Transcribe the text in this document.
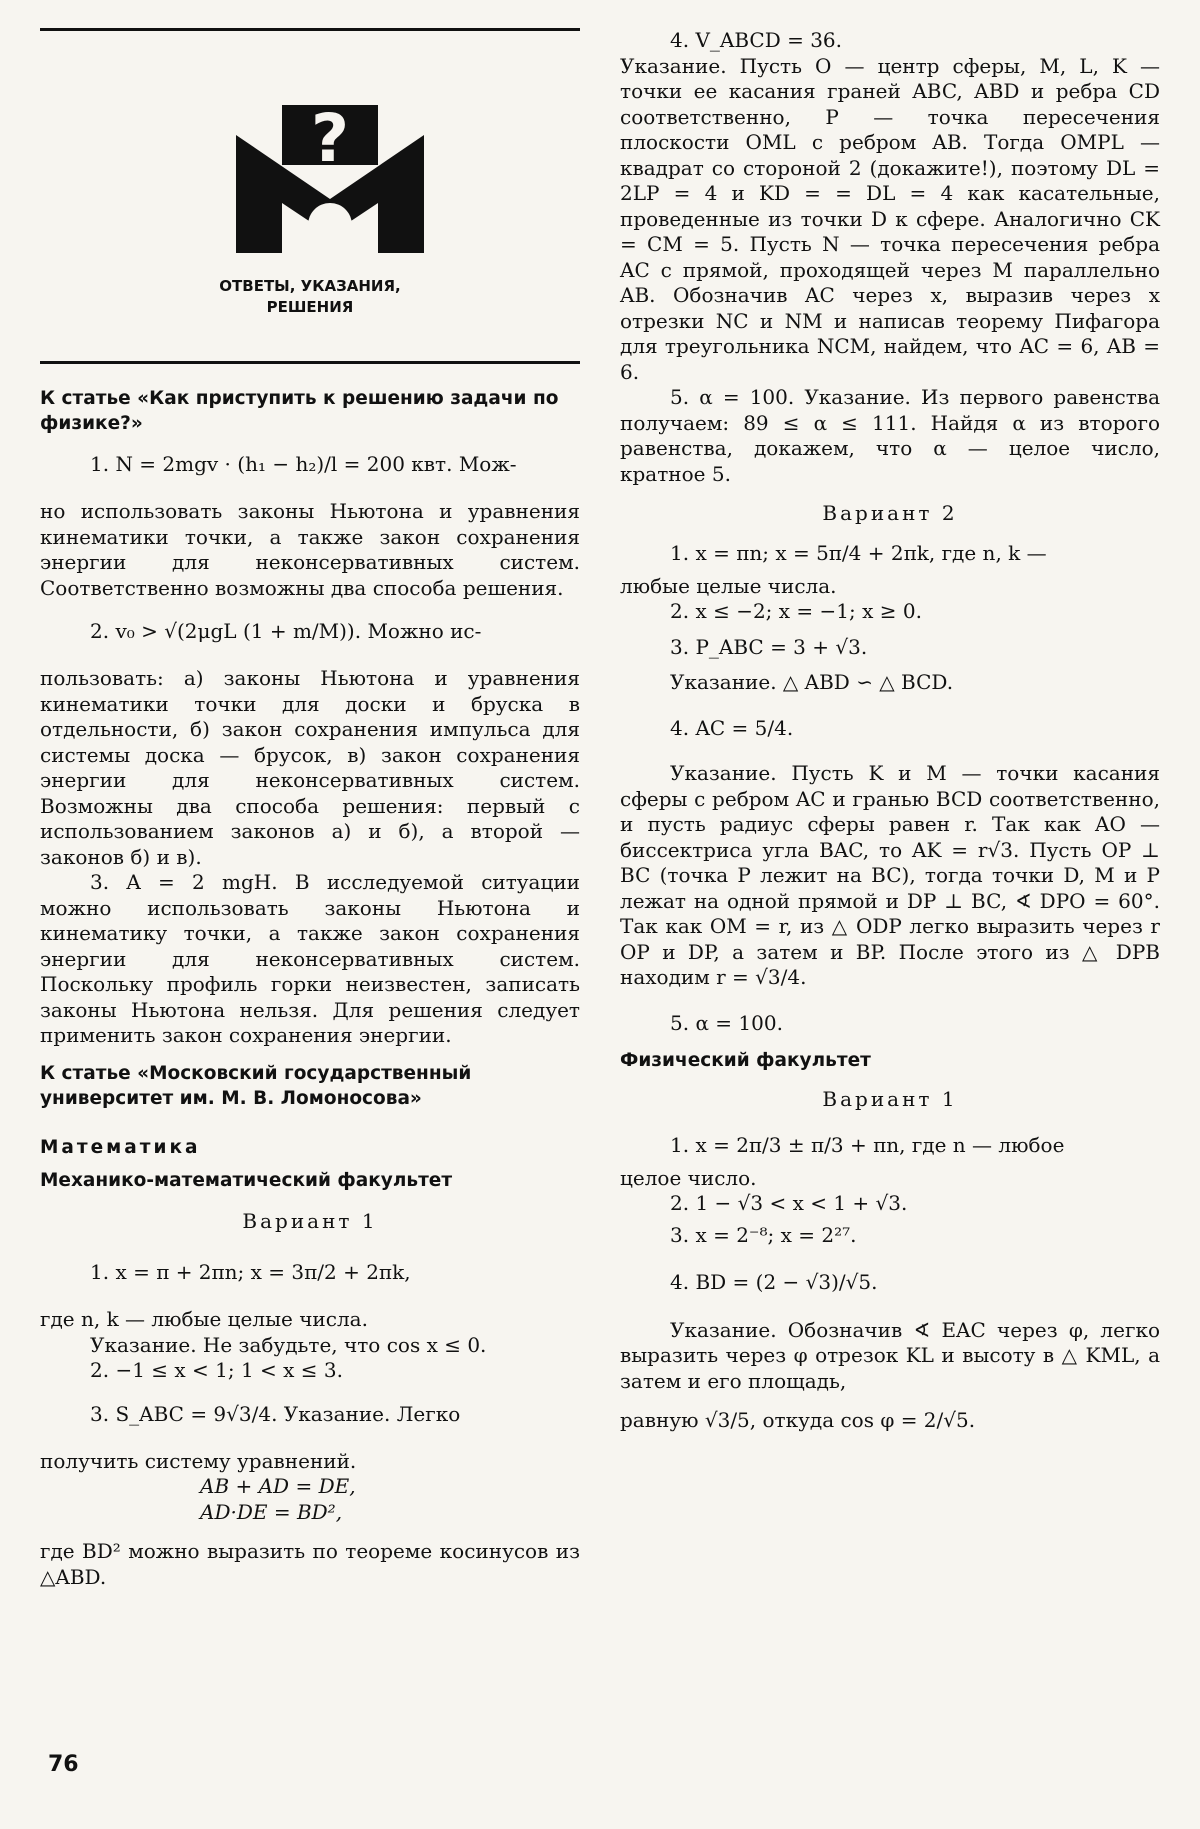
?
ОТВЕТЫ, УКАЗАНИЯ,
РЕШЕНИЯ

К статье «Как приступить к решению задачи по физике?»

1. N = 2mgv · (h₁ − h₂)/l = 200 квт. Мож-

но использовать законы Ньютона и уравнения кинематики точки, а также закон сохранения энергии для неконсервативных систем. Соответственно возможны два способа решения.

2. v₀ > √(2μgL (1 + m/M)). Можно ис-

пользовать: а) законы Ньютона и уравнения кинематики точки для доски и бруска в отдельности, б) закон сохранения импульса для системы доска — брусок, в) закон сохранения энергии для неконсервативных систем. Возможны два способа решения: первый с использованием законов а) и б), а второй — законов б) и в).

3. A = 2 mgH. В исследуемой ситуации можно использовать законы Ньютона и кинематику точки, а также закон сохранения энергии для неконсервативных систем. Поскольку профиль горки неизвестен, записать законы Ньютона нельзя. Для решения следует применить закон сохранения энергии.

К статье «Московский государственный университет им. М. В. Ломоносова»

Математика

Механико-математический факультет

Вариант 1

1. x = π + 2πn; x = 3π/2 + 2πk,

где n, k — любые целые числа.

Указание. Не забудьте, что cos x ≤ 0.

2. −1 ≤ x < 1; 1 < x ≤ 3.

3. S_ABC = 9√3/4. Указание. Легко

получить систему уравнений.

AB + AD = DE,

AD·DE = BD²,

где BD² можно выразить по теореме косинусов из △ABD.

4. V_ABCD = 36.

Указание. Пусть O — центр сферы, M, L, K — точки ее касания граней ABC, ABD и ребра CD соответственно, P — точка пересечения плоскости OML с ребром AB. Тогда OMPL — квадрат со стороной 2 (докажите!), поэтому DL = 2LP = 4 и KD = = DL = 4 как касательные, проведенные из точки D к сфере. Аналогично CK = CM = 5. Пусть N — точка пересечения ребра AC с прямой, проходящей через M параллельно AB. Обозначив AC через x, выразив через x отрезки NC и NM и написав теорему Пифагора для треугольника NCM, найдем, что AC = 6, AB = 6.

5. α = 100. Указание. Из первого равенства получаем: 89 ≤ α ≤ 111. Найдя α из второго равенства, докажем, что α — целое число, кратное 5.

Вариант 2

1. x = πn; x = 5π/4 + 2πk, где n, k —

любые целые числа.

2. x ≤ −2; x = −1; x ≥ 0.

3. P_ABC = 3 + √3.

Указание. △ ABD ∽ △ BCD.

4. AC = 5/4.

Указание. Пусть K и M — точки касания сферы с ребром AC и гранью BCD соответственно, и пусть радиус сферы равен r. Так как AO — биссектриса угла BAC, то AK = r√3. Пусть OP ⊥ BC (точка P лежит на BC), тогда точки D, M и P лежат на одной прямой и DP ⊥ BC, ∢ DPO = 60°. Так как OM = r, из △ ODP легко выразить через r OP и DP, а затем и BP. После этого из △ DPB находим r = √3/4.

5. α = 100.

Физический факультет

Вариант 1

1. x = 2π/3 ± π/3 + πn, где n — любое

целое число.

2. 1 − √3 < x < 1 + √3.

3. x = 2⁻⁸; x = 2²⁷.

4. BD = (2 − √3)/√5.

Указание. Обозначив ∢ EAC через φ, легко выразить через φ отрезок KL и высоту в △ KML, а затем и его площадь,

равную √3/5, откуда cos φ = 2/√5.

76
